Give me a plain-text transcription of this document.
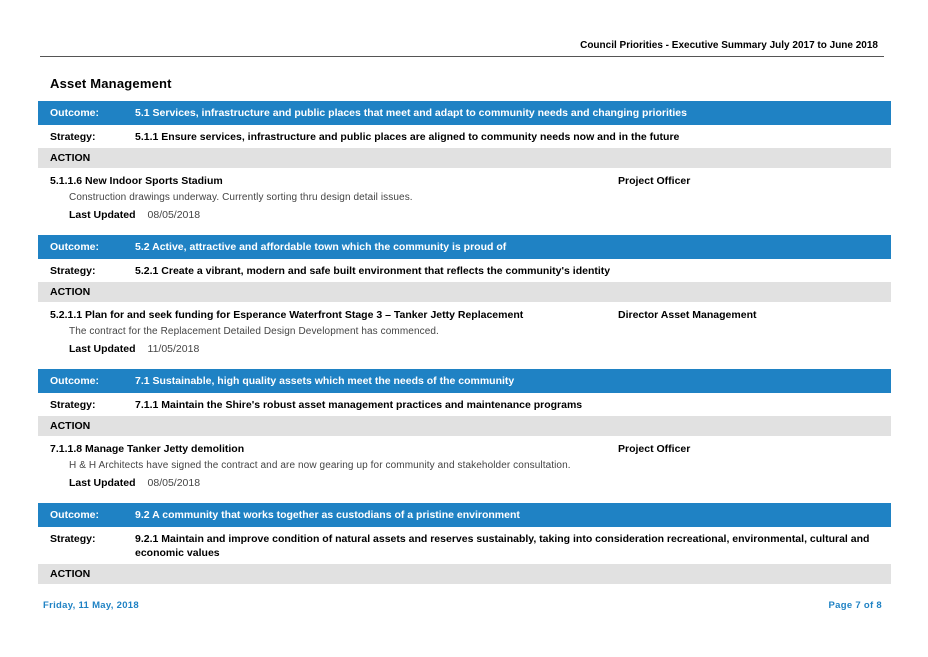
Council Priorities - Executive Summary July 2017 to June 2018
Asset Management
Outcome:	5.1 Services, infrastructure and public places that meet and adapt to community needs and changing priorities
Strategy:	5.1.1 Ensure services, infrastructure and public places are aligned to community needs now and in the future
ACTION
5.1.1.6 New Indoor Sports Stadium	Project Officer
Construction drawings underway. Currently sorting thru design detail issues.
Last Updated 08/05/2018
Outcome:	5.2 Active, attractive and affordable town which the community is proud of
Strategy:	5.2.1 Create a vibrant, modern and safe built environment that reflects the community's identity
ACTION
5.2.1.1 Plan for and seek funding for Esperance Waterfront Stage 3 – Tanker Jetty Replacement	Director Asset Management
The contract for the Replacement Detailed Design Development has commenced.
Last Updated 11/05/2018
Outcome:	7.1 Sustainable, high quality assets which meet the needs of the community
Strategy:	7.1.1 Maintain the Shire's robust asset management practices and maintenance programs
ACTION
7.1.1.8 Manage Tanker Jetty demolition	Project Officer
H & H Architects have signed the contract and are now gearing up for community and stakeholder consultation.
Last Updated 08/05/2018
Outcome:	9.2 A community that works together as custodians of a pristine environment
Strategy:	9.2.1 Maintain and improve condition of natural assets and reserves sustainably, taking into consideration recreational, environmental, cultural and economic values
ACTION
Friday, 11 May, 2018	Page 7 of 8
